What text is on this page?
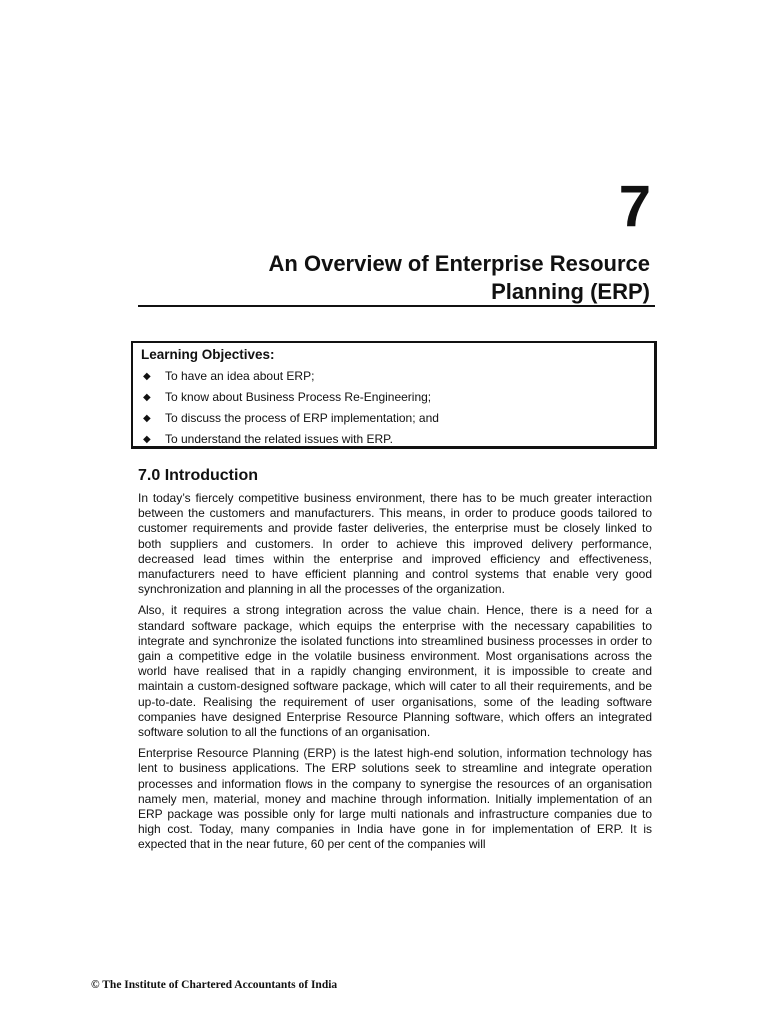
7
An Overview of Enterprise Resource
Planning (ERP)
Learning Objectives:
◆ To have an idea about ERP;
◆ To know about Business Process Re-Engineering;
◆ To discuss the process of ERP implementation; and
◆ To understand the related issues with ERP.
7.0 Introduction

In today’s fiercely competitive business environment, there has to be much greater interaction between the customers and manufacturers. This means, in order to produce goods tailored to customer requirements and provide faster deliveries, the enterprise must be closely linked to both suppliers and customers. In order to achieve this improved delivery performance, decreased lead times within the enterprise and improved efficiency and effectiveness, manufacturers need to have efficient planning and control systems that enable very good synchronization and planning in all the processes of the organization.

Also, it requires a strong integration across the value chain. Hence, there is a need for a standard software package, which equips the enterprise with the necessary capabilities to integrate and synchronize the isolated functions into streamlined business processes in order to gain a competitive edge in the volatile business environment. Most organisations across the world have realised that in a rapidly changing environment, it is impossible to create and maintain a custom-designed software package, which will cater to all their requirements, and be up-to-date. Realising the requirement of user organisations, some of the leading software companies have designed Enterprise Resource Planning software, which offers an integrated software solution to all the functions of an organisation.

Enterprise Resource Planning (ERP) is the latest high-end solution, information technology has lent to business applications. The ERP solutions seek to streamline and integrate operation processes and information flows in the company to synergise the resources of an organisation namely men, material, money and machine through information. Initially implementation of an ERP package was possible only for large multi nationals and infrastructure companies due to high cost. Today, many companies in India have gone in for implementation of ERP. It is expected that in the near future, 60 per cent of the companies will

© The Institute of Chartered Accountants of India
